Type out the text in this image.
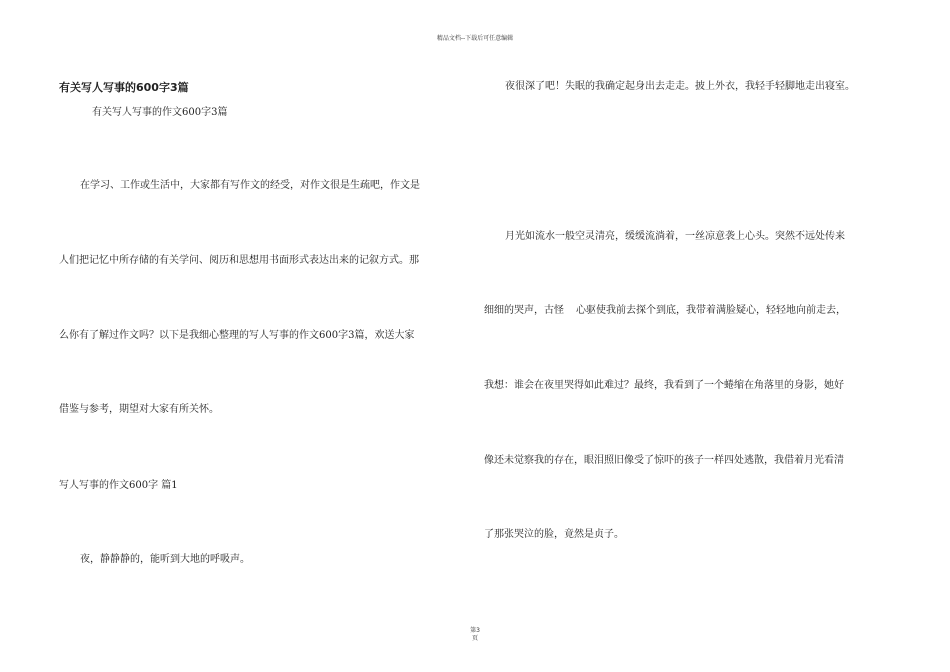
精品文档--下载后可任意编辑
有关写人写事的600字3篇
有关写人写事的作文600字3篇
在学习、工作或生活中，大家都有写作文的经受，对作文很是生疏吧，作文是
人们把记忆中所存储的有关学问、阅历和思想用书面形式表达出来的记叙方式。那
么你有了解过作文吗？以下是我细心整理的写人写事的作文600字3篇，欢送大家
借鉴与参考，期望对大家有所关怀。
写人写事的作文600字 篇1
夜，静静静的，能听到大地的呼吸声。
夜很深了吧！失眠的我确定起身出去走走。披上外衣，我轻手轻脚地走出寝室。
月光如流水一般空灵清亮，缓缓流淌着，一丝凉意袭上心头。突然不远处传来
细细的哭声，古怪 心驱使我前去探个到底，我带着满脸疑心，轻轻地向前走去，
我想：谁会在夜里哭得如此难过？最终，我看到了一个蜷缩在角落里的身影，她好
像还未觉察我的存在，眼泪照旧像受了惊吓的孩子一样四处逃散，我借着月光看清
了那张哭泣的脸，竟然是贞子。
第3
页
